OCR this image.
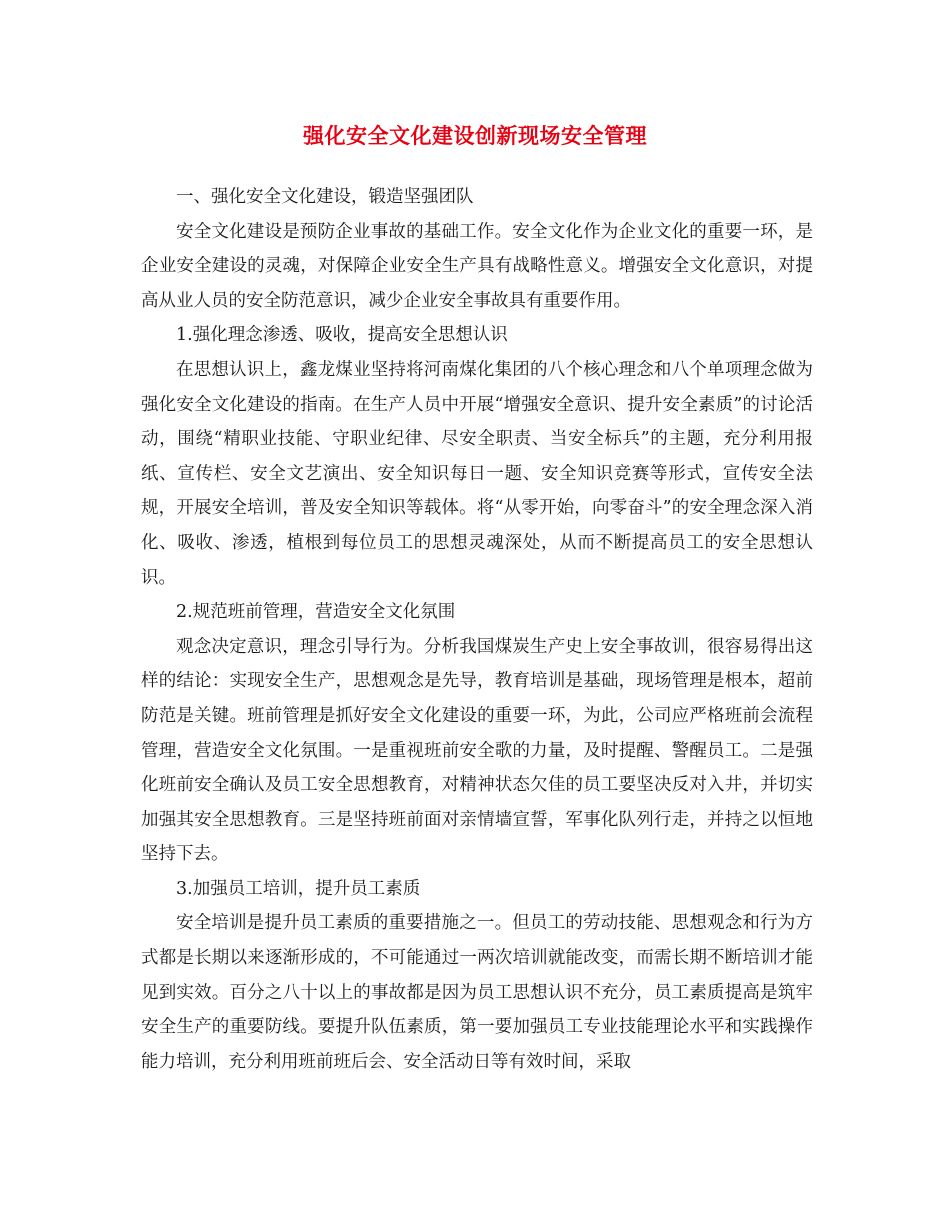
强化安全文化建设创新现场安全管理

一、强化安全文化建设，锻造坚强团队

安全文化建设是预防企业事故的基础工作。安全文化作为企业文化的重要一环，是企业安全建设的灵魂，对保障企业安全生产具有战略性意义。增强安全文化意识，对提高从业人员的安全防范意识，减少企业安全事故具有重要作用。

1.强化理念渗透、吸收，提高安全思想认识

在思想认识上，鑫龙煤业坚持将河南煤化集团的八个核心理念和八个单项理念做为强化安全文化建设的指南。在生产人员中开展“增强安全意识、提升安全素质”的讨论活动，围绕“精职业技能、守职业纪律、尽安全职责、当安全标兵”的主题，充分利用报纸、宣传栏、安全文艺演出、安全知识每日一题、安全知识竞赛等形式，宣传安全法规，开展安全培训，普及安全知识等载体。将“从零开始，向零奋斗”的安全理念深入消化、吸收、渗透，植根到每位员工的思想灵魂深处，从而不断提高员工的安全思想认识。

2.规范班前管理，营造安全文化氛围

观念决定意识，理念引导行为。分析我国煤炭生产史上安全事故训，很容易得出这样的结论：实现安全生产，思想观念是先导，教育培训是基础，现场管理是根本，超前防范是关键。班前管理是抓好安全文化建设的重要一环，为此，公司应严格班前会流程管理，营造安全文化氛围。一是重视班前安全歌的力量，及时提醒、警醒员工。二是强化班前安全确认及员工安全思想教育，对精神状态欠佳的员工要坚决反对入井，并切实加强其安全思想教育。三是坚持班前面对亲情墙宣誓，军事化队列行走，并持之以恒地坚持下去。

3.加强员工培训，提升员工素质

安全培训是提升员工素质的重要措施之一。但员工的劳动技能、思想观念和行为方式都是长期以来逐渐形成的，不可能通过一两次培训就能改变，而需长期不断培训才能见到实效。百分之八十以上的事故都是因为员工思想认识不充分，员工素质提高是筑牢安全生产的重要防线。要提升队伍素质，第一要加强员工专业技能理论水平和实践操作能力培训，充分利用班前班后会、安全活动日等有效时间，采取
